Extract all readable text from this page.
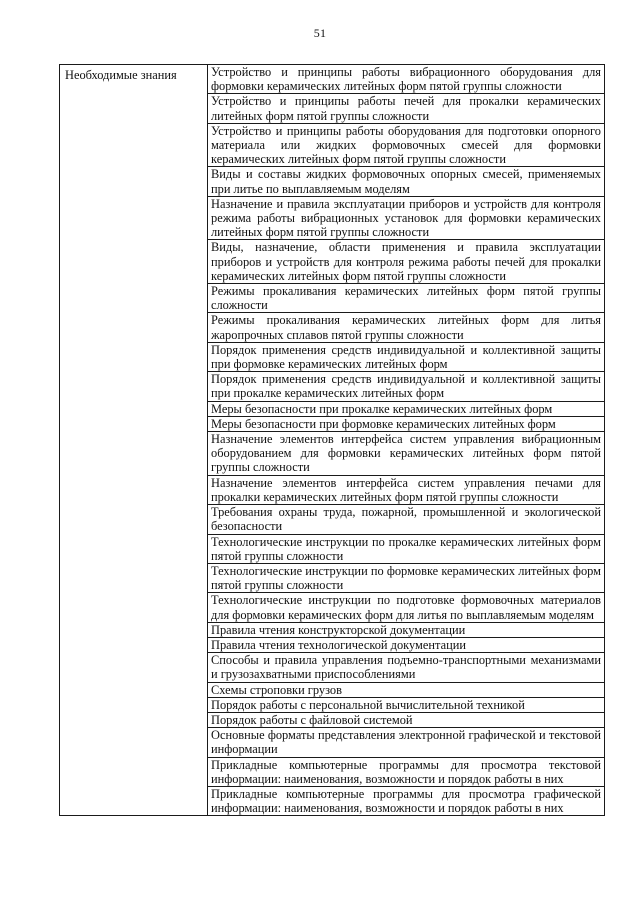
51
Необходимые знания	Устройство и принципы работы вибрационного оборудования для формовки керамических литейных форм пятой группы сложности
Устройство и принципы работы печей для прокалки керамических литейных форм пятой группы сложности
Устройство и принципы работы оборудования для подготовки опорного материала или жидких формовочных смесей для формовки керамических литейных форм пятой группы сложности
Виды и составы жидких формовочных опорных смесей, применяемых при литье по выплавляемым моделям
Назначение и правила эксплуатации приборов и устройств для контроля режима работы вибрационных установок для формовки керамических литейных форм пятой группы сложности
Виды, назначение, области применения и правила эксплуатации приборов и устройств для контроля режима работы печей для прокалки керамических литейных форм пятой группы сложности
Режимы прокаливания керамических литейных форм пятой группы сложности
Режимы прокаливания керамических литейных форм для литья жаропрочных сплавов пятой группы сложности
Порядок применения средств индивидуальной и коллективной защиты при формовке керамических литейных форм
Порядок применения средств индивидуальной и коллективной защиты при прокалке керамических литейных форм
Меры безопасности при прокалке керамических литейных форм
Меры безопасности при формовке керамических литейных форм
Назначение элементов интерфейса систем управления вибрационным оборудованием для формовки керамических литейных форм пятой группы сложности
Назначение элементов интерфейса систем управления печами для прокалки керамических литейных форм пятой группы сложности
Требования охраны труда, пожарной, промышленной и экологической безопасности
Технологические инструкции по прокалке керамических литейных форм пятой группы сложности
Технологические инструкции по формовке керамических литейных форм пятой группы сложности
Технологические инструкции по подготовке формовочных материалов для формовки керамических форм для литья по выплавляемым моделям
Правила чтения конструкторской документации
Правила чтения технологической документации
Способы и правила управления подъемно-транспортными механизмами и грузозахватными приспособлениями
Схемы строповки грузов
Порядок работы с персональной вычислительной техникой
Порядок работы с файловой системой
Основные форматы представления электронной графической и текстовой информации
Прикладные компьютерные программы для просмотра текстовой информации: наименования, возможности и порядок работы в них
Прикладные компьютерные программы для просмотра графической информации: наименования, возможности и порядок работы в них
